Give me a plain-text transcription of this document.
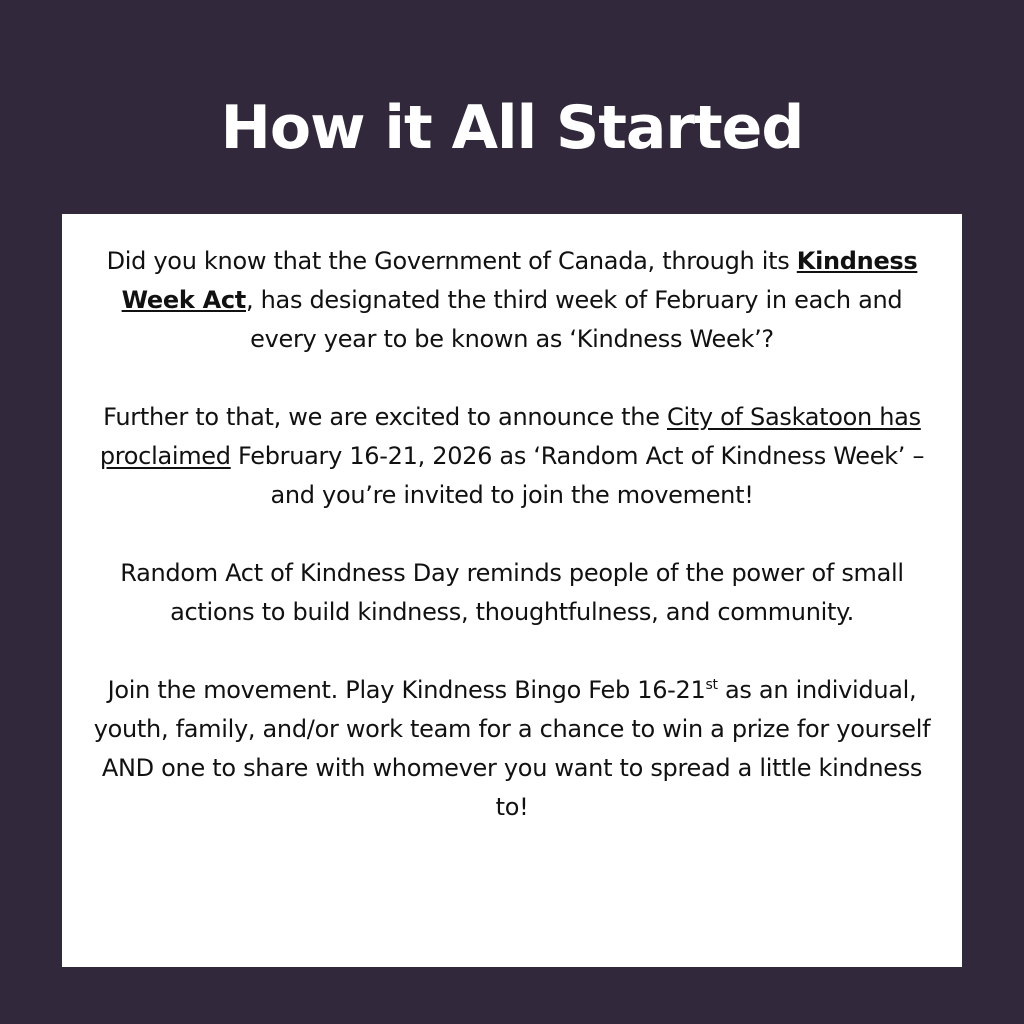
How it All Started

Did you know that the Government of Canada, through its Kindness Week Act, has designated the third week of February in each and every year to be known as ‘Kindness Week’?

Further to that, we are excited to announce the City of Saskatoon has proclaimed February 16-21, 2026 as ‘Random Act of Kindness Week’ – and you’re invited to join the movement!

Random Act of Kindness Day reminds people of the power of small actions to build kindness, thoughtfulness, and community.

Join the movement. Play Kindness Bingo Feb 16-21st as an individual, youth, family, and/or work team for a chance to win a prize for yourself AND one to share with whomever you want to spread a little kindness to!
